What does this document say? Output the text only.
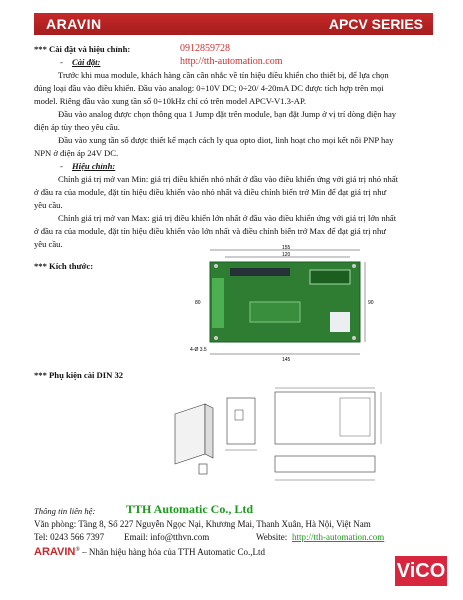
ARAVIN	APCV SERIES
*** Cài đặt và hiệu chỉnh:	0912859728
- Cài đặt:	http://tth-automation.com
Trước khi mua module, khách hàng cần cân nhắc về tín hiệu điều khiển cho thiết bị, để lựa chọn
đúng loại đầu vào điều khiển. Đầu vào analog: 0÷10V DC; 0÷20/ 4-20mA DC được tích hợp trên mọi
model. Riêng đầu vào xung tần số 0÷10kHz chỉ có trên model APCV-V1.3-AP.
Đầu vào analog được chọn thông qua 1 Jump đặt trên module, bạn đặt Jump ở vị trí dòng điện hay
điện áp tùy theo yêu cầu.
Đầu vào xung tần số được thiết kế mạch cách ly qua opto diot, linh hoạt cho mọi kết nối PNP hay
NPN ở điện áp 24V DC.
- Hiệu chỉnh:
Chỉnh giá trị mở van Min: giá trị điều khiển nhỏ nhất ở đầu vào điều khiển ứng với giá trị nhỏ nhất
ở đầu ra của module, đặt tín hiệu điều khiển vào nhỏ nhất và điều chỉnh biến trở Min để đạt giá trị như
yêu cầu.
Chỉnh giá trị mở van Max: giá trị điều khiển lớn nhất ở đầu vào điều khiển ứng với giá trị lớn nhất
ở đầu ra của module, đặt tín hiệu điều khiển vào lớn nhất và điều chỉnh biến trở Max để đạt giá trị như
yêu cầu.
*** Kích thước:
155
120
80	90
145
4-Ø 3.5
*** Phụ kiện cài DIN 32
Thông tin liên hệ:	TTH Automatic Co., Ltd
Văn phòng: Tầng 8, Số 227 Nguyễn Ngọc Nại, Khương Mai, Thanh Xuân, Hà Nội, Việt Nam
Tel: 0243 566 7397 Email: info@tthvn.com	Website: http://tth-automation.com
ARAVIN® – Nhãn hiệu hàng hóa của TTH Automatic Co.,Ltd
ViCO
